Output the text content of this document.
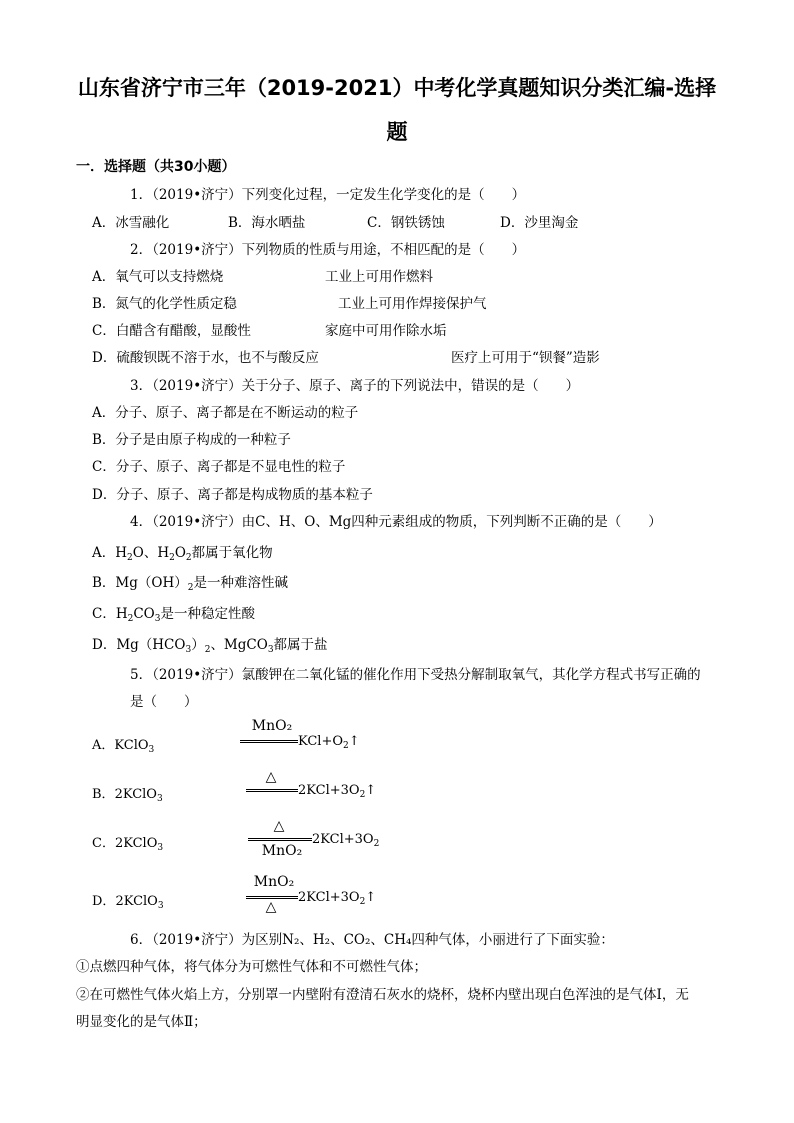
山东省济宁市三年（2019-2021）中考化学真题知识分类汇编-选择
题
一．选择题（共30小题）
1．（2019•济宁）下列变化过程，一定发生化学变化的是（　　）
A．冰雪融化	B．海水晒盐	C．钢铁锈蚀	D．沙里淘金
2．（2019•济宁）下列物质的性质与用途，不相匹配的是（　　）
A．氧气可以支持燃烧	工业上可用作燃料
B．氮气的化学性质定稳	工业上可用作焊接保护气
C．白醋含有醋酸，显酸性	家庭中可用作除水垢
D．硫酸钡既不溶于水，也不与酸反应	医疗上可用于“钡餐”造影
3．（2019•济宁）关于分子、原子、离子的下列说法中，错误的是（　　）
A．分子、原子、离子都是在不断运动的粒子
B．分子是由原子构成的一种粒子
C．分子、原子、离子都是不显电性的粒子
D．分子、原子、离子都是构成物质的基本粒子
4．（2019•济宁）由C、H、O、Mg四种元素组成的物质，下列判断不正确的是（　　）
A．$H_2O$、$H_2O_2$都属于氧化物
B．$Mg(OH)_2$是一种难溶性碱
C．$H_2CO_3$是一种稳定性酸
D．$Mg(HCO_3)_2$、MgCO$_3$都属于盐
5．（2019•济宁）氯酸钾在二氧化锰的催化作用下受热分解制取氧气，其化学方程式书写正确的
是（　　）
A．KClO$_3$
MnO₂
$KCl+O_2↑$
B．2KClO$_3$
△
$2KCl+3O_2↑$
C．2KClO$_3$
△
MnO₂
$2KCl+3O_2$
D．2KClO$_3$
MnO₂
△
$2KCl+3O_2↑$
6．（2019•济宁）为区别N₂、H₂、CO₂、CH₄四种气体，小丽进行了下面实验：
①点燃四种气体，将气体分为可燃性气体和不可燃性气体；
②在可燃性气体火焰上方，分别罩一内壁附有澄清石灰水的烧杯，烧杯内壁出现白色浑浊的是气体Ⅰ，无
明显变化的是气体Ⅱ；
